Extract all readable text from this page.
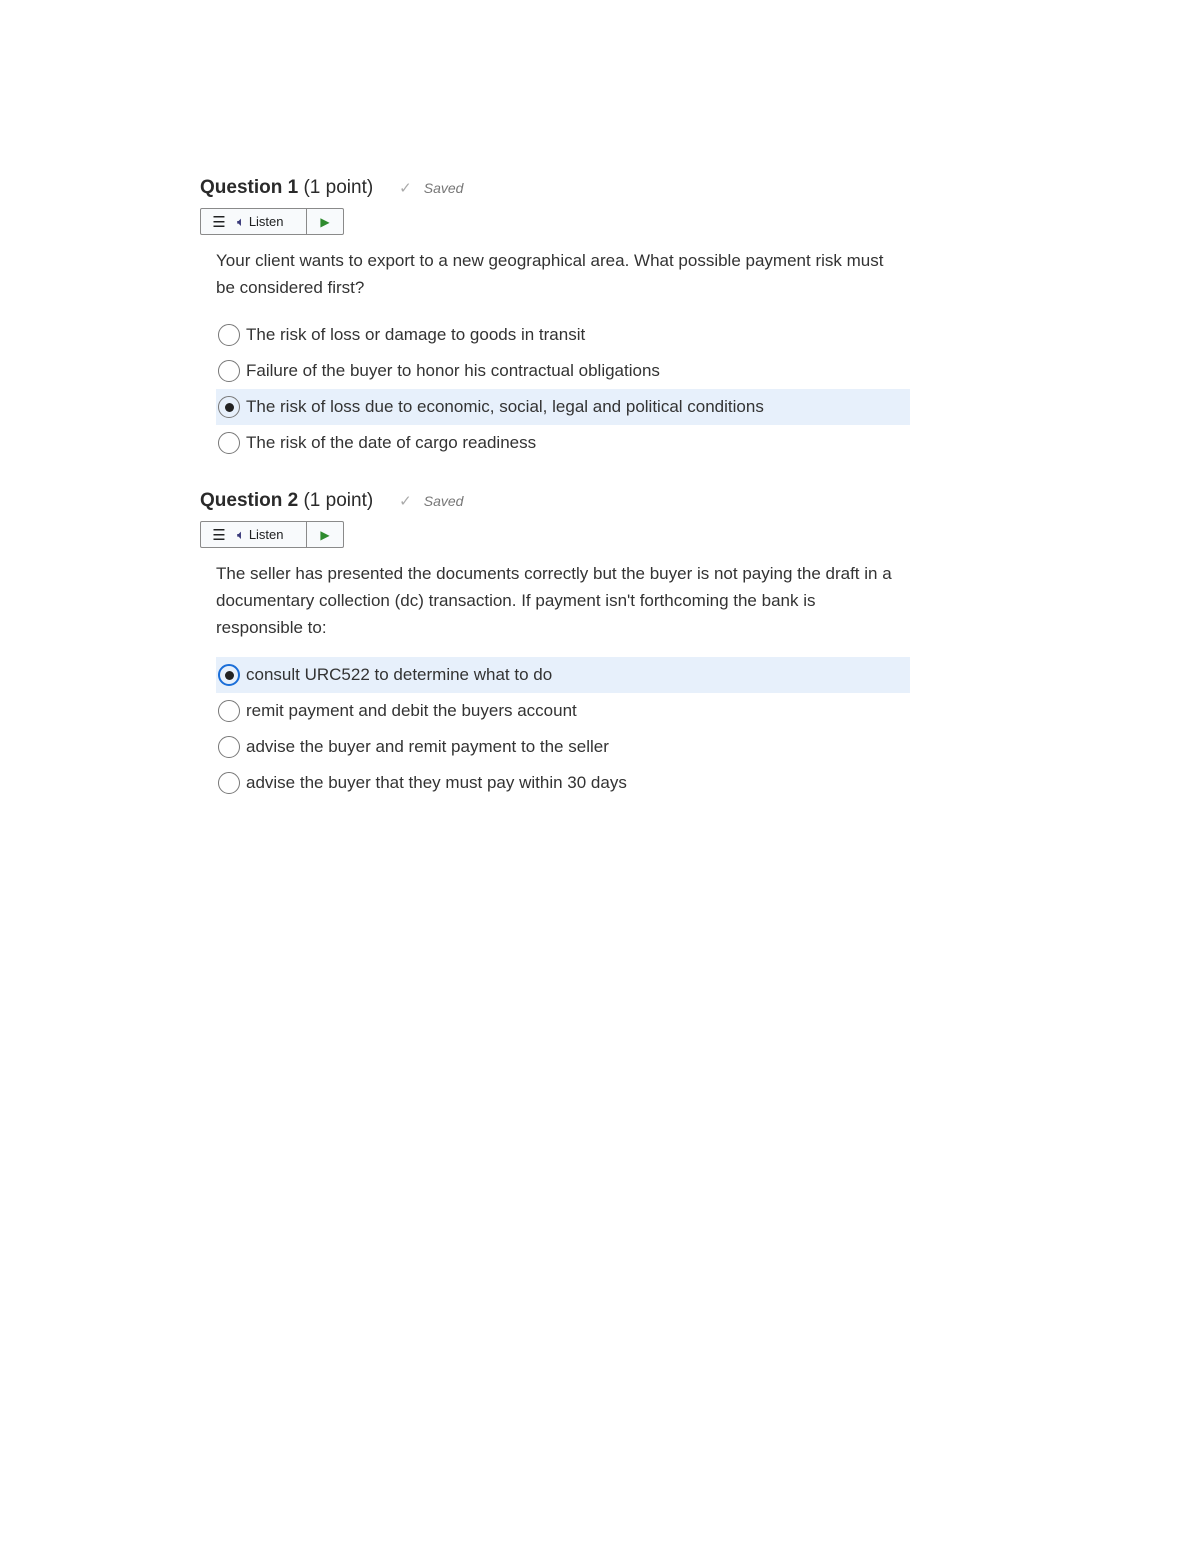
Question 1 (1 point) ✓ Saved
☰ 🔈︎ Listen	▶
Your client wants to export to a new geographical area. What possible payment risk must be considered first?
The risk of loss or damage to goods in transit
Failure of the buyer to honor his contractual obligations
The risk of loss due to economic, social, legal and political conditions
The risk of the date of cargo readiness
Question 2 (1 point) ✓ Saved
☰ 🔈︎ Listen	▶
The seller has presented the documents correctly but the buyer is not paying the draft in a documentary collection (dc) transaction. If payment isn't forthcoming the bank is responsible to:
consult URC522 to determine what to do
remit payment and debit the buyers account
advise the buyer and remit payment to the seller
advise the buyer that they must pay within 30 days
